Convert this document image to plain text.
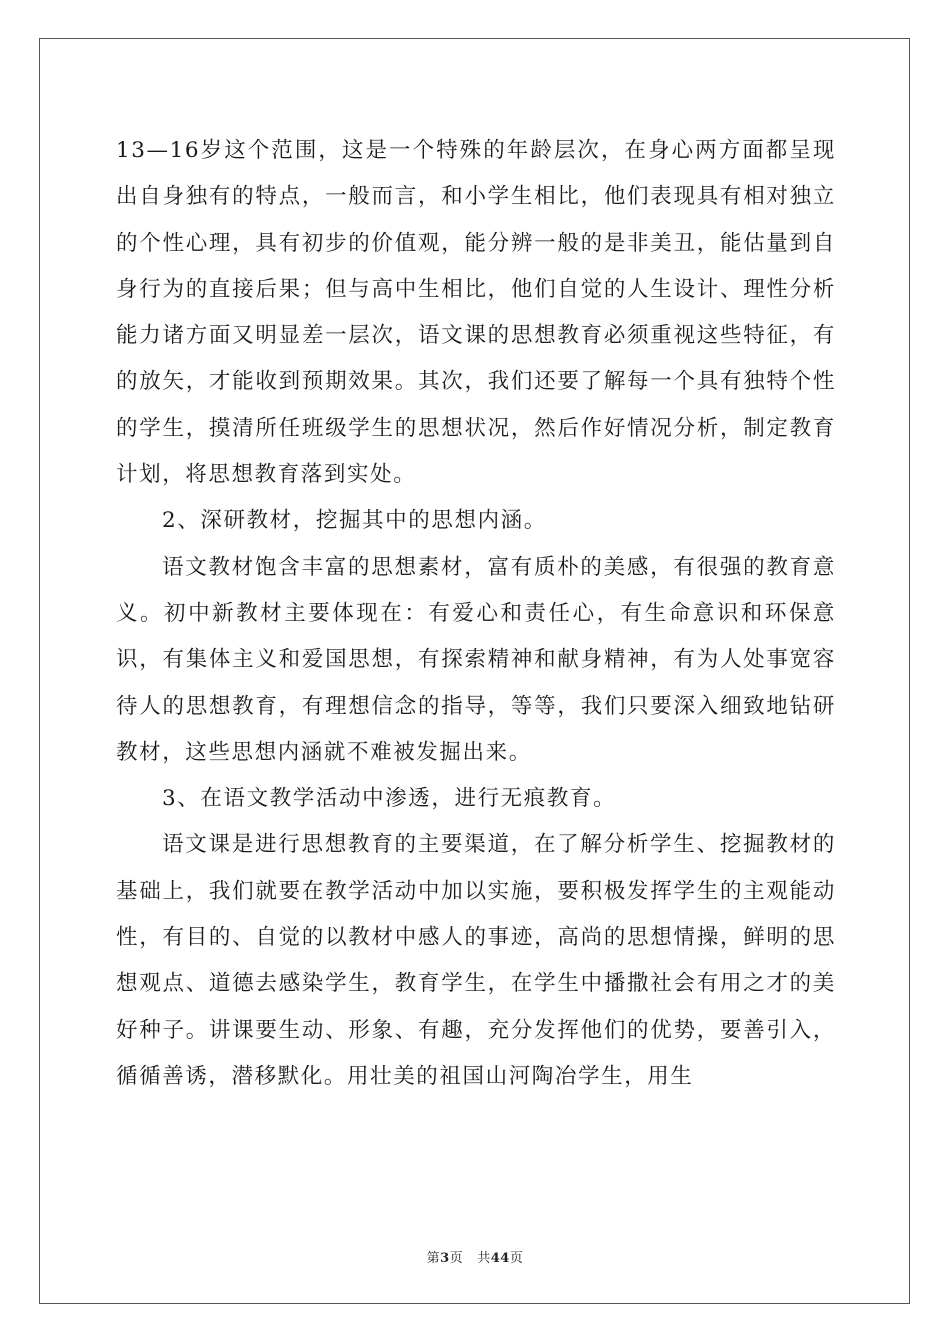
13—16岁这个范围，这是一个特殊的年龄层次，在身心两方面都呈现出自身独有的特点，一般而言，和小学生相比，他们表现具有相对独立的个性心理，具有初步的价值观，能分辨一般的是非美丑，能估量到自身行为的直接后果；但与高中生相比，他们自觉的人生设计、理性分析能力诸方面又明显差一层次，语文课的思想教育必须重视这些特征，有的放矢，才能收到预期效果。其次，我们还要了解每一个具有独特个性的学生，摸清所任班级学生的思想状况，然后作好情况分析，制定教育计划，将思想教育落到实处。

2、深研教材，挖掘其中的思想内涵。

语文教材饱含丰富的思想素材，富有质朴的美感，有很强的教育意义。初中新教材主要体现在：有爱心和责任心，有生命意识和环保意识，有集体主义和爱国思想，有探索精神和献身精神，有为人处事宽容待人的思想教育，有理想信念的指导，等等，我们只要深入细致地钻研教材，这些思想内涵就不难被发掘出来。

3、在语文教学活动中渗透，进行无痕教育。

语文课是进行思想教育的主要渠道，在了解分析学生、挖掘教材的基础上，我们就要在教学活动中加以实施，要积极发挥学生的主观能动性，有目的、自觉的以教材中感人的事迹，高尚的思想情操，鲜明的思想观点、道德去感染学生，教育学生，在学生中播撒社会有用之才的美好种子。讲课要生动、形象、有趣，充分发挥他们的优势，要善引入，循循善诱，潜移默化。用壮美的祖国山河陶冶学生，用生

第3页 共44页
